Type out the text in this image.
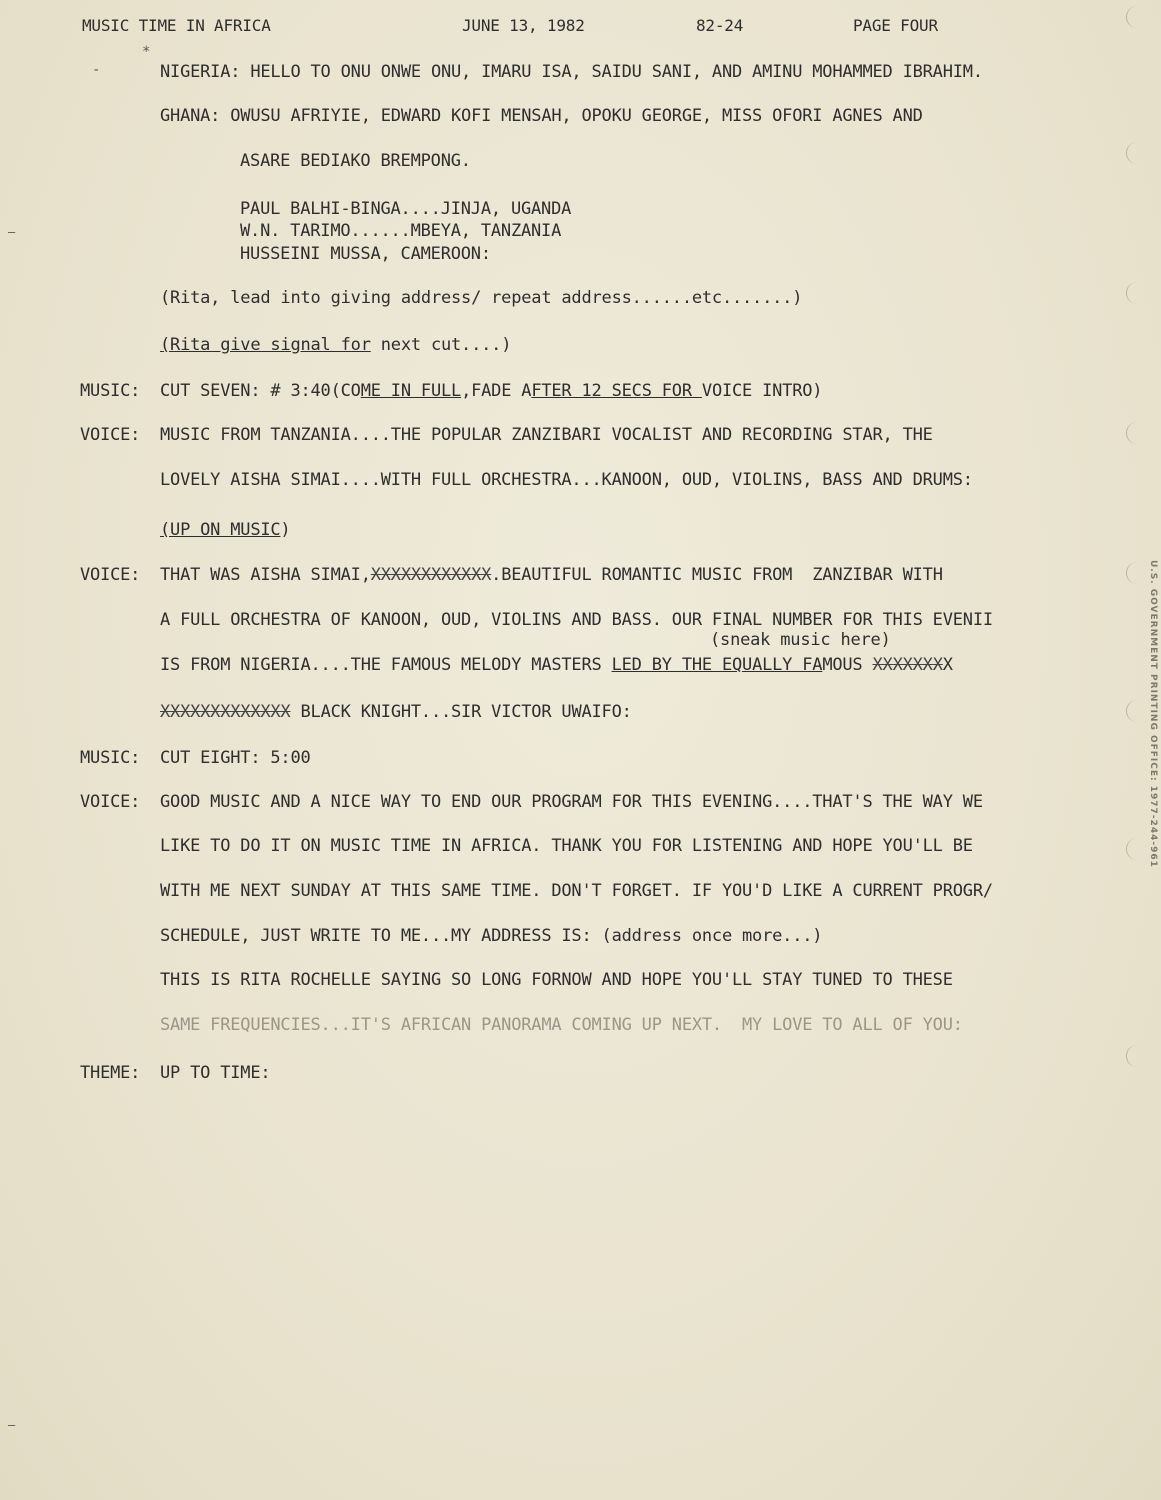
MUSIC TIME IN AFRICA	JUNE 13, 1982	82-24	PAGE FOUR
*
-	NIGERIA: HELLO TO ONU ONWE ONU, IMARU ISA, SAIDU SANI, AND AMINU MOHAMMED IBRAHIM.
GHANA: OWUSU AFRIYIE, EDWARD KOFI MENSAH, OPOKU GEORGE, MISS OFORI AGNES AND
ASARE BEDIAKO BREMPONG.
PAUL BALHI-BINGA....JINJA, UGANDA
W.N. TARIMO......MBEYA, TANZANIA
HUSSEINI MUSSA, CAMEROON:
(Rita, lead into giving address/ repeat address......etc.......)
(Rita give signal for next cut....)
MUSIC: CUT SEVEN: # 3:40(COME IN FULL,FADE AFTER 12 SECS FOR VOICE INTRO)
VOICE: MUSIC FROM TANZANIA....THE POPULAR ZANZIBARI VOCALIST AND RECORDING STAR, THE
LOVELY AISHA SIMAI....WITH FULL ORCHESTRA...KANOON, OUD, VIOLINS, BASS AND DRUMS:
(UP ON MUSIC)
VOICE: THAT WAS AISHA SIMAI,XXXXXXXXXXXX.BEAUTIFUL ROMANTIC MUSIC FROM  ZANZIBAR WITH
A FULL ORCHESTRA OF KANOON, OUD, VIOLINS AND BASS. OUR FINAL NUMBER FOR THIS EVENII
(sneak music here)
IS FROM NIGERIA....THE FAMOUS MELODY MASTERS LED BY THE EQUALLY FAMOUS XXXXXXXX
XXXXXXXXXXXXX BLACK KNIGHT...SIR VICTOR UWAIFO:
MUSIC: CUT EIGHT: 5:00
VOICE: GOOD MUSIC AND A NICE WAY TO END OUR PROGRAM FOR THIS EVENING....THAT'S THE WAY WE
LIKE TO DO IT ON MUSIC TIME IN AFRICA. THANK YOU FOR LISTENING AND HOPE YOU'LL BE
WITH ME NEXT SUNDAY AT THIS SAME TIME. DON'T FORGET. IF YOU'D LIKE A CURRENT PROGR/
SCHEDULE, JUST WRITE TO ME...MY ADDRESS IS: (address once more...)
THIS IS RITA ROCHELLE SAYING SO LONG FORNOW AND HOPE YOU'LL STAY TUNED TO THESE
SAME FREQUENCIES...IT'S AFRICAN PANORAMA COMING UP NEXT.  MY LOVE TO ALL OF YOU:
THEME: UP TO TIME:
U.S. GOVERNMENT PRINTING OFFICE: 1977-244-961
—
—
